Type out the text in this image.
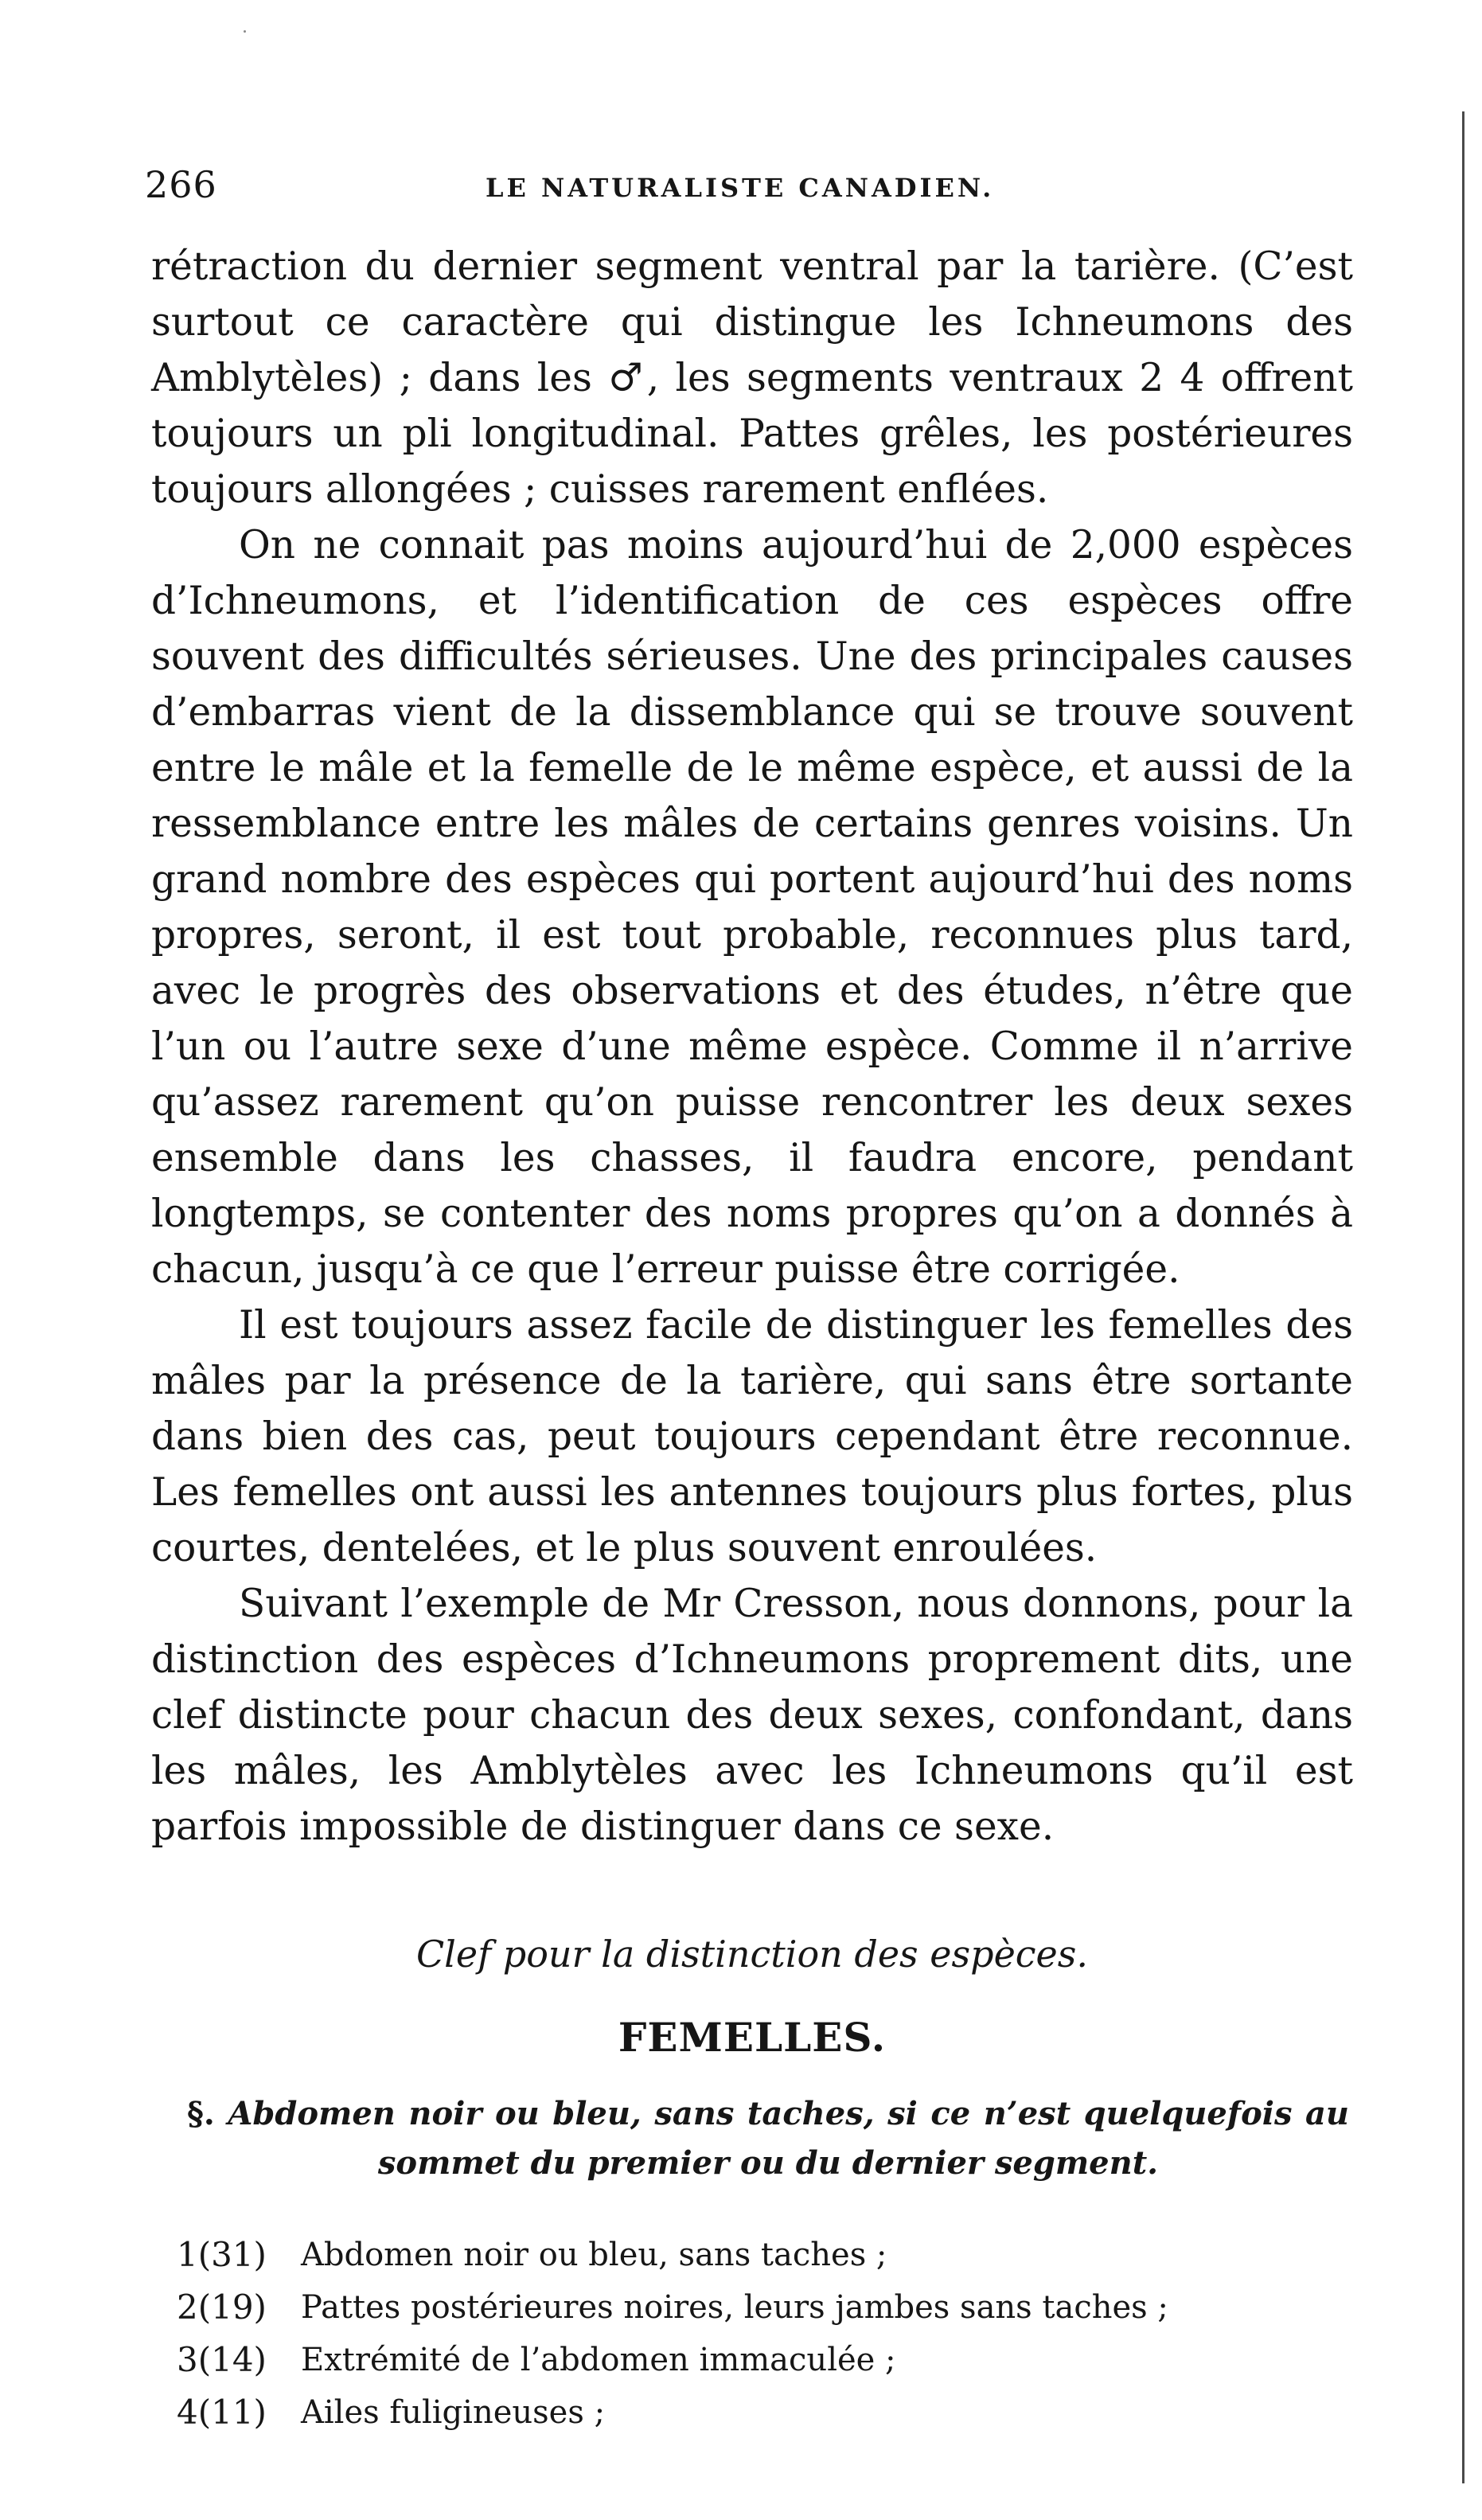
266	LE NATURALISTE CANADIEN.

rétraction du dernier segment ventral par la tarière. (C’est surtout ce caractère qui distingue les Ichneumons des Amblytèles) ; dans les ♂, les segments ventraux 2 4 offrent toujours un pli longitudinal. Pattes grêles, les postérieures toujours allongées ; cuisses rarement enflées.

On ne connait pas moins aujourd’hui de 2,000 espèces d’Ichneumons, et l’identification de ces espèces offre souvent des difficultés sérieuses. Une des principales causes d’embarras vient de la dissemblance qui se trouve souvent entre le mâle et la femelle de le même espèce, et aussi de la ressemblance entre les mâles de certains genres voisins. Un grand nombre des espèces qui portent aujourd’hui des noms propres, seront, il est tout probable, reconnues plus tard, avec le progrès des observations et des études, n’être que l’un ou l’autre sexe d’une même espèce. Comme il n’arrive qu’assez rarement qu’on puisse rencontrer les deux sexes ensemble dans les chasses, il faudra encore, pendant longtemps, se contenter des noms propres qu’on a donnés à chacun, jusqu’à ce que l’erreur puisse être corrigée.

Il est toujours assez facile de distinguer les femelles des mâles par la présence de la tarière, qui sans être sortante dans bien des cas, peut toujours cependant être reconnue. Les femelles ont aussi les antennes toujours plus fortes, plus courtes, dentelées, et le plus souvent enroulées.

Suivant l’exemple de Mr Cresson, nous donnons, pour la distinction des espèces d’Ichneumons proprement dits, une clef distincte pour chacun des deux sexes, confondant, dans les mâles, les Amblytèles avec les Ichneumons qu’il est parfois impossible de distinguer dans ce sexe.

Clef pour la distinction des espèces.
FEMELLES.
§. Abdomen noir ou bleu, sans taches, si ce n’est quelquefois au sommet du premier ou du dernier segment.
1(31)	Abdomen noir ou bleu, sans taches ;
2(19)	Pattes postérieures noires, leurs jambes sans taches ;
3(14)	Extrémité de l’abdomen immaculée ;
4(11)	Ailes fuligineuses ;
